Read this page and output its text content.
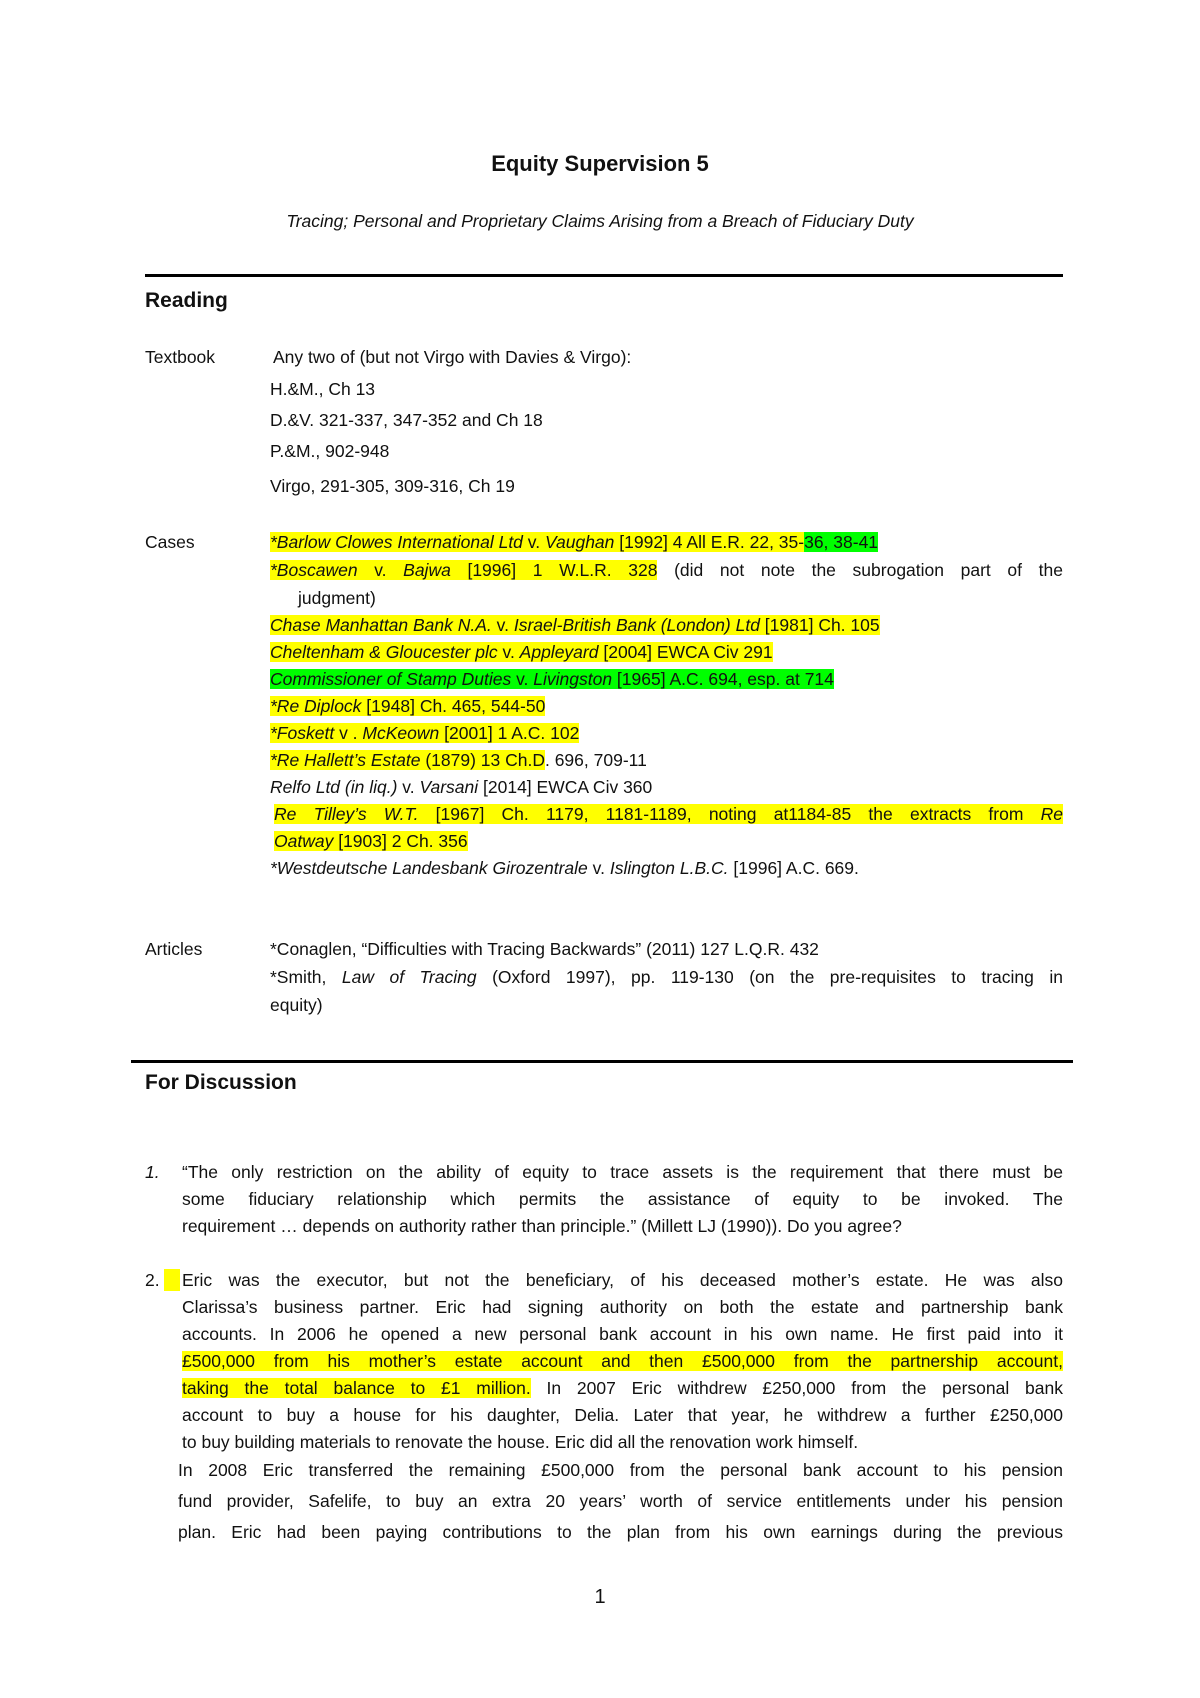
Equity Supervision 5
Tracing; Personal and Proprietary Claims Arising from a Breach of Fiduciary Duty
Reading
Textbook	Any two of (but not Virgo with Davies & Virgo):
H.&M., Ch 13
D.&V. 321-337, 347-352 and Ch 18
P.&M., 902-948
Virgo, 291-305, 309-316, Ch 19
Cases	*Barlow Clowes International Ltd v. Vaughan [1992] 4 All E.R. 22, 35-36, 38-41
*Boscawen v. Bajwa [1996] 1 W.L.R. 328 (did not note the subrogation part of the
judgment)
Chase Manhattan Bank N.A. v. Israel-British Bank (London) Ltd [1981] Ch. 105
Cheltenham & Gloucester plc v. Appleyard [2004] EWCA Civ 291
Commissioner of Stamp Duties v. Livingston [1965] A.C. 694, esp. at 714
*Re Diplock [1948] Ch. 465, 544-50
*Foskett v . McKeown [2001] 1 A.C. 102
*Re Hallett’s Estate (1879) 13 Ch.D. 696, 709-11
Relfo Ltd (in liq.) v. Varsani [2014] EWCA Civ 360
Re Tilley’s W.T. [1967] Ch. 1179, 1181-1189, noting at1184-85 the extracts from Re
Oatway [1903] 2 Ch. 356
*Westdeutsche Landesbank Girozentrale v. Islington L.B.C. [1996] A.C. 669.
Articles	*Conaglen, “Difficulties with Tracing Backwards” (2011) 127 L.Q.R. 432
*Smith, Law of Tracing (Oxford 1997), pp. 119-130 (on the pre-requisites to tracing in
equity)
For Discussion
1. “The only restriction on the ability of equity to trace assets is the requirement that there must be
some fiduciary relationship which permits the assistance of equity to be invoked. The
requirement … depends on authority rather than principle.” (Millett LJ (1990)). Do you agree?
2.	Eric was the executor, but not the beneficiary, of his deceased mother’s estate. He was also
Clarissa’s business partner. Eric had signing authority on both the estate and partnership bank
accounts. In 2006 he opened a new personal bank account in his own name. He first paid into it
£500,000 from his mother’s estate account and then £500,000 from the partnership account,
taking the total balance to £1 million. In 2007 Eric withdrew £250,000 from the personal bank
account to buy a house for his daughter, Delia. Later that year, he withdrew a further £250,000
to buy building materials to renovate the house. Eric did all the renovation work himself.
In 2008 Eric transferred the remaining £500,000 from the personal bank account to his pension
fund provider, Safelife, to buy an extra 20 years’ worth of service entitlements under his pension
plan. Eric had been paying contributions to the plan from his own earnings during the previous
1
